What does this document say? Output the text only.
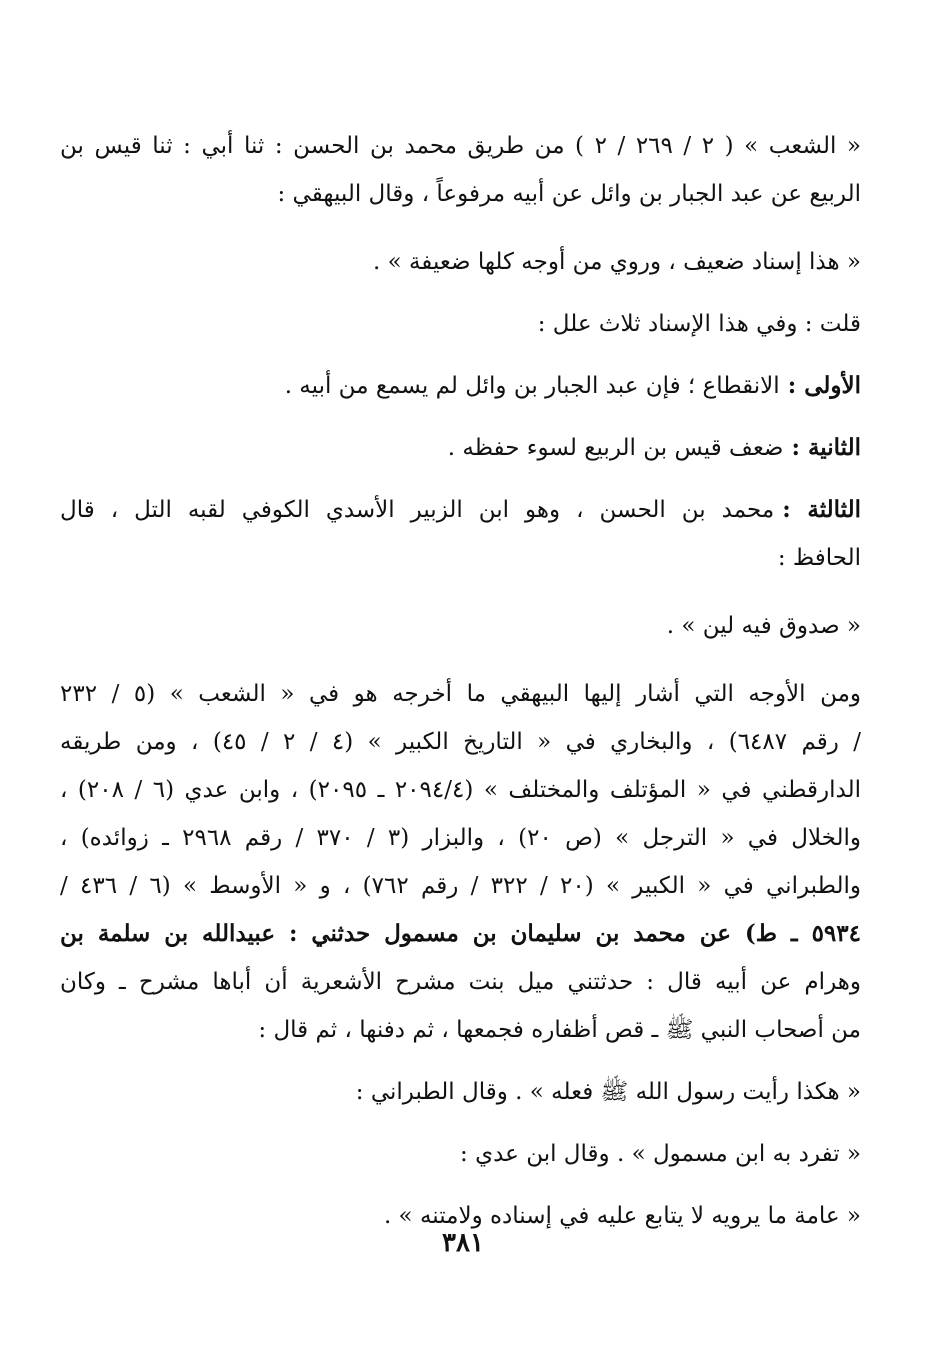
« الشعب » ( ٢ / ٢٦٩ / ٢ ) من طريق محمد بن الحسن : ثنا أبي : ثنا قيس بن
الربيع عن عبد الجبار بن وائل عن أبيه مرفوعاً ، وقال البيهقي :
« هذا إسناد ضعيف ، وروي من أوجه كلها ضعيفة » .
قلت : وفي هذا الإسناد ثلاث علل :
الأولى :الانقطاع ؛ فإن عبد الجبار بن وائل لم يسمع من أبيه .
الثانية :ضعف قيس بن الربيع لسوء حفظه .
الثالثة :محمد بن الحسن ، وهو ابن الزبير الأسدي الكوفي لقبه التل ، قال
الحافظ :
« صدوق فيه لين » .
ومن الأوجه التي أشار إليها البيهقي ما أخرجه هو في « الشعب » (٥ / ٢٣٢
/ رقم ٦٤٨٧) ، والبخاري في « التاريخ الكبير » (٤ / ٢ / ٤٥) ، ومن طريقه
الدارقطني في « المؤتلف والمختلف » (٢٠٩٤/٤ ـ ٢٠٩٥) ، وابن عدي (٦ / ٢٠٨) ،
والخلال في « الترجل » (ص ٢٠) ، والبزار (٣ / ٣٧٠ / رقم ٢٩٦٨ ـ زوائده) ،
والطبراني في « الكبير » (٢٠ / ٣٢٢ / رقم ٧٦٢) ، و « الأوسط » (٦ / ٤٣٦ /
٥٩٣٤ ـ ط) عن محمد بن سليمان بن مسمول حدثني : عبيدالله بن سلمة بن
وهرام عن أبيه قال : حدثتني ميل بنت مشرح الأشعرية أن أباها مشرح ـ وكان
من أصحاب النبي ﷺ ـ قص أظفاره فجمعها ، ثم دفنها ، ثم قال :
« هكذا رأيت رسول الله ﷺ فعله » . وقال الطبراني :
« تفرد به ابن مسمول » . وقال ابن عدي :
« عامة ما يرويه لا يتابع عليه في إسناده ولامتنه » .
٣٨١
